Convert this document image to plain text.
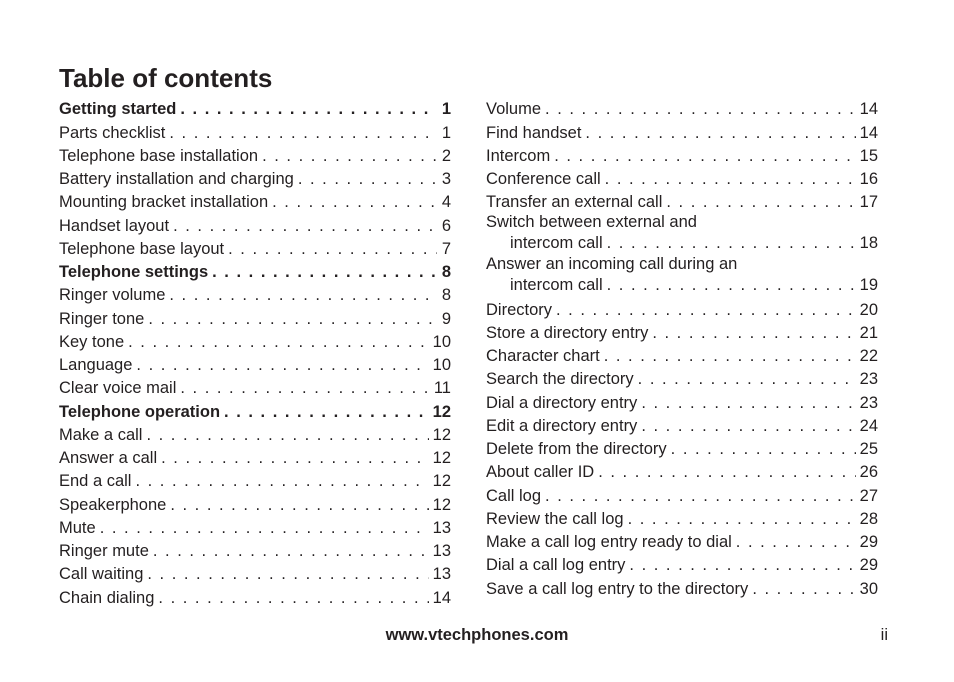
Table of contents
Getting started . . .	1
Parts checklist . . .	1
Telephone base installation . . .	2
Battery installation and charging . . .	3
Mounting bracket installation . . .	4
Handset layout . . .	6
Telephone base layout . . .	7
Telephone settings . . .	8
Ringer volume . . .	8
Ringer tone . . .	9
Key tone . . .	10
Language . . .	10
Clear voice mail . . .	11
Telephone operation . . .	12
Make a call . . .	12
Answer a call . . .	12
End a call . . .	12
Speakerphone . . .	12
Mute . . .	13
Ringer mute . . .	13
Call waiting . . .	13
Chain dialing . . .	14
Volume . . .	14
Find handset . . .	14
Intercom . . .	15
Conference call . . .	16
Transfer an external call . . .	17
Switch between external and
intercom call . . .	18
Answer an incoming call during an
intercom call . . .	19
Directory . . .	20
Store a directory entry . . .	21
Character chart . . .	22
Search the directory . . .	23
Dial a directory entry . . .	23
Edit a directory entry . . .	24
Delete from the directory . . .	25
About caller ID . . .	26
Call log . . .	27
Review the call log . . .	28
Make a call log entry ready to dial . . .	29
Dial a call log entry . . .	29
Save a call log entry to the directory . . .	30
www.vtechphones.com	ii
